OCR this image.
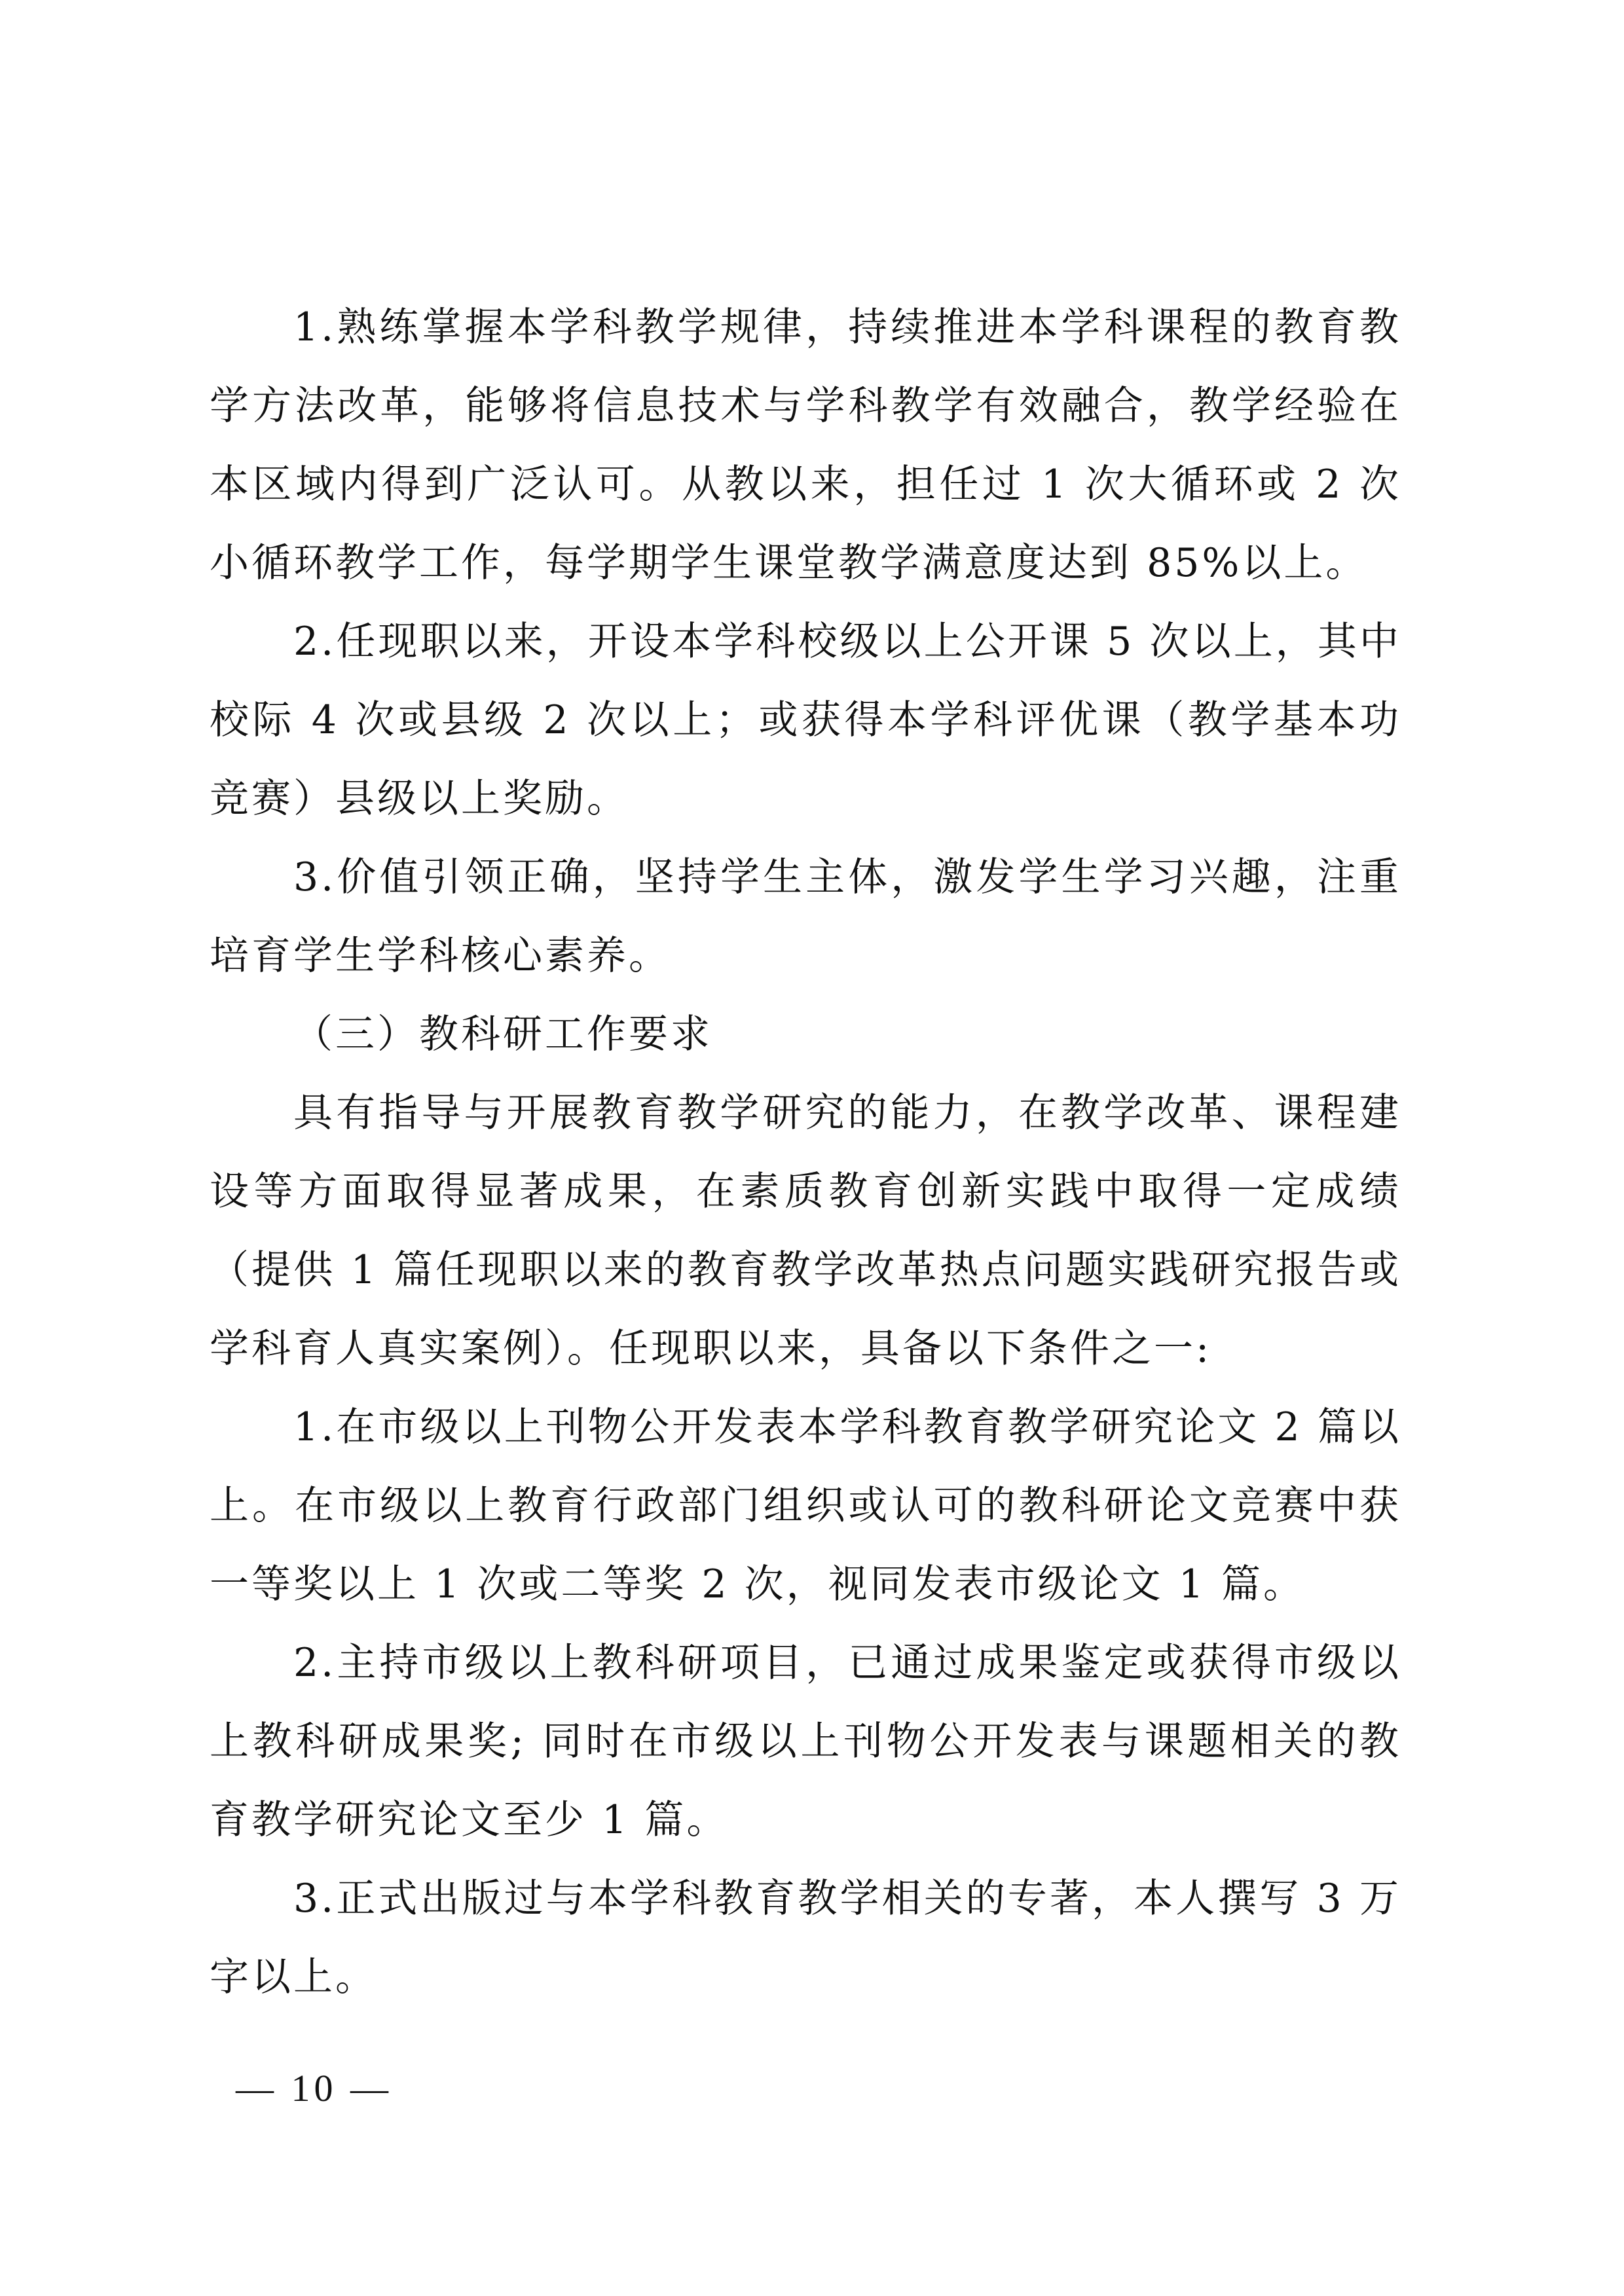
1.熟练掌握本学科教学规律，持续推进本学科课程的教育教学方法改革，能够将信息技术与学科教学有效融合，教学经验在本区域内得到广泛认可。从教以来，担任过 1 次大循环或 2 次小循环教学工作，每学期学生课堂教学满意度达到 85%以上。

2.任现职以来，开设本学科校级以上公开课 5 次以上，其中校际 4 次或县级 2 次以上；或获得本学科评优课（教学基本功竞赛）县级以上奖励。

3.价值引领正确，坚持学生主体，激发学生学习兴趣，注重培育学生学科核心素养。

（三）教科研工作要求

具有指导与开展教育教学研究的能力，在教学改革、课程建设等方面取得显著成果，在素质教育创新实践中取得一定成绩（提供 1 篇任现职以来的教育教学改革热点问题实践研究报告或学科育人真实案例）。任现职以来，具备以下条件之一:

1.在市级以上刊物公开发表本学科教育教学研究论文 2 篇以上。在市级以上教育行政部门组织或认可的教科研论文竞赛中获一等奖以上 1 次或二等奖 2 次，视同发表市级论文 1 篇。

2.主持市级以上教科研项目，已通过成果鉴定或获得市级以上教科研成果奖; 同时在市级以上刊物公开发表与课题相关的教育教学研究论文至少 1 篇。

3.正式出版过与本学科教育教学相关的专著，本人撰写 3 万字以上。

— 10 —
